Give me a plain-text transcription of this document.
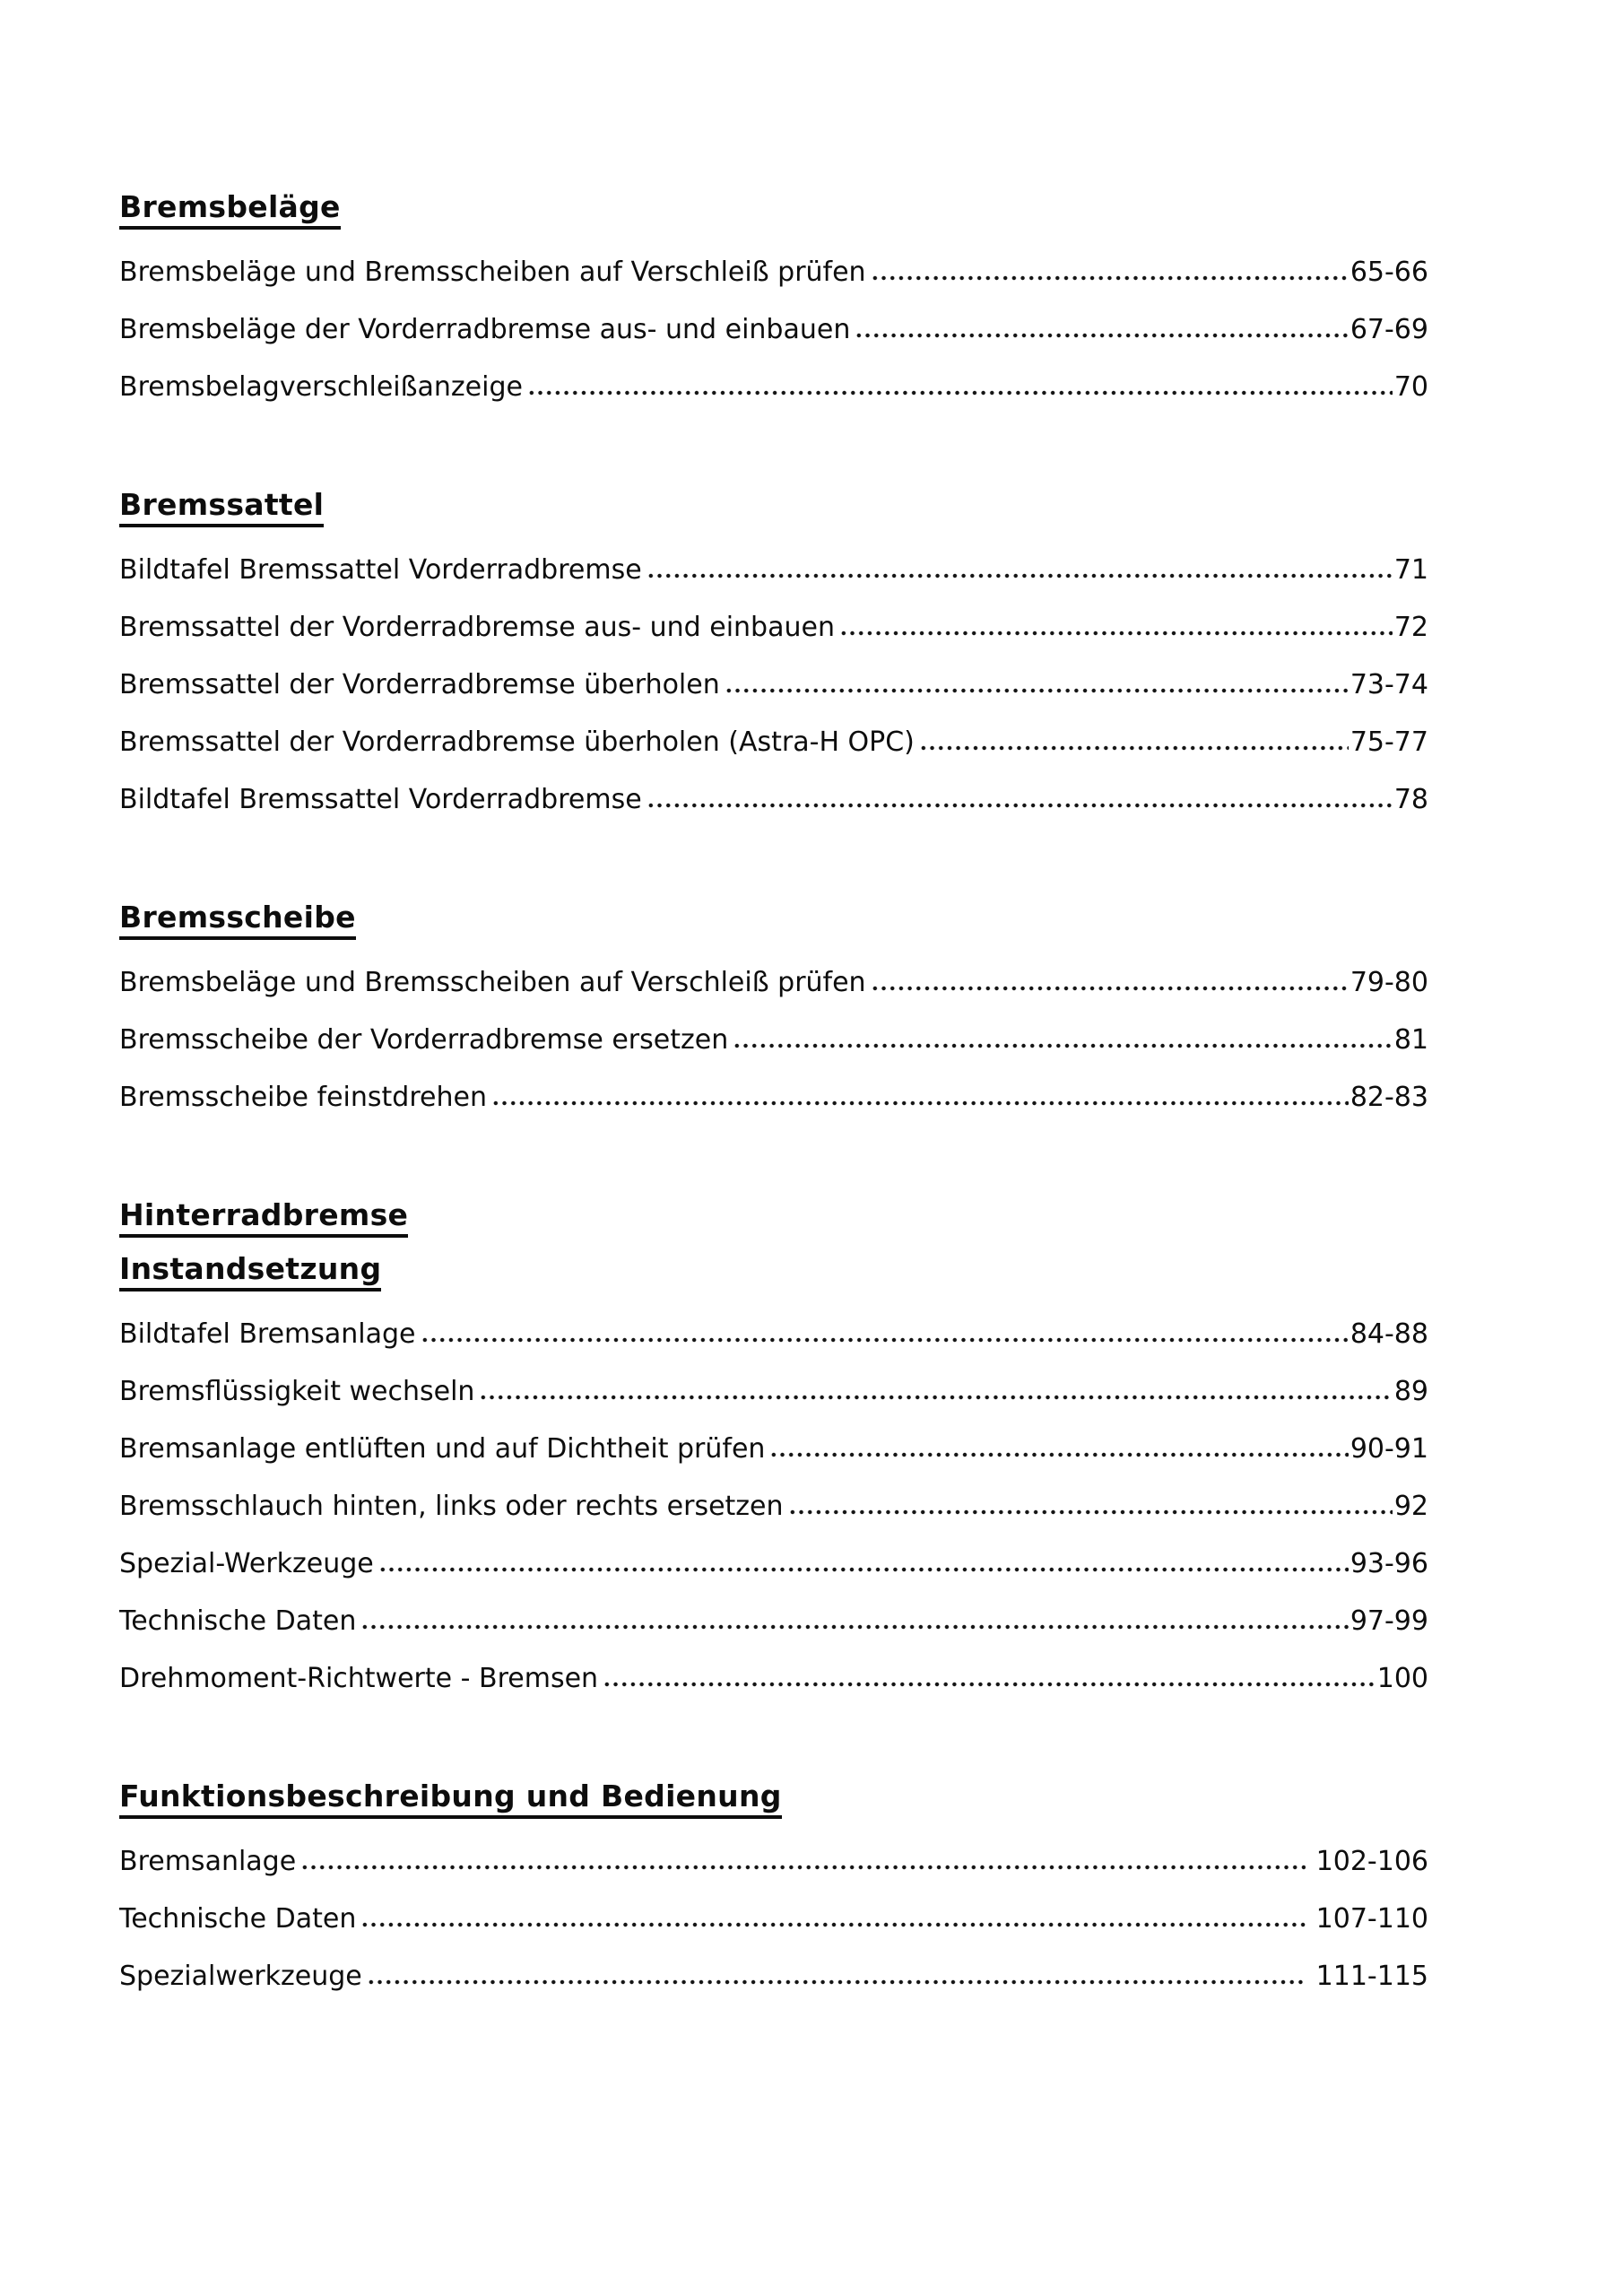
Bremsbeläge
Bremsbeläge und Bremsscheiben auf Verschleiß prüfen	65-66
Bremsbeläge der Vorderradbremse aus- und einbauen	67-69
Bremsbelagverschleißanzeige	70
Bremssattel
Bildtafel Bremssattel Vorderradbremse	71
Bremssattel der Vorderradbremse aus- und einbauen	72
Bremssattel der Vorderradbremse überholen	73-74
Bremssattel der Vorderradbremse überholen (Astra-H OPC)	75-77
Bildtafel Bremssattel Vorderradbremse	78
Bremsscheibe
Bremsbeläge und Bremsscheiben auf Verschleiß prüfen	79-80
Bremsscheibe der Vorderradbremse ersetzen	81
Bremsscheibe feinstdrehen	82-83
Hinterradbremse
Instandsetzung
Bildtafel Bremsanlage	84-88
Bremsflüssigkeit wechseln	89
Bremsanlage entlüften und auf Dichtheit prüfen	90-91
Bremsschlauch hinten, links oder rechts ersetzen	92
Spezial-Werkzeuge	93-96
Technische Daten	97-99
Drehmoment-Richtwerte - Bremsen	100
Funktionsbeschreibung und Bedienung
Bremsanlage	102-106
Technische Daten	107-110
Spezialwerkzeuge	111-115
